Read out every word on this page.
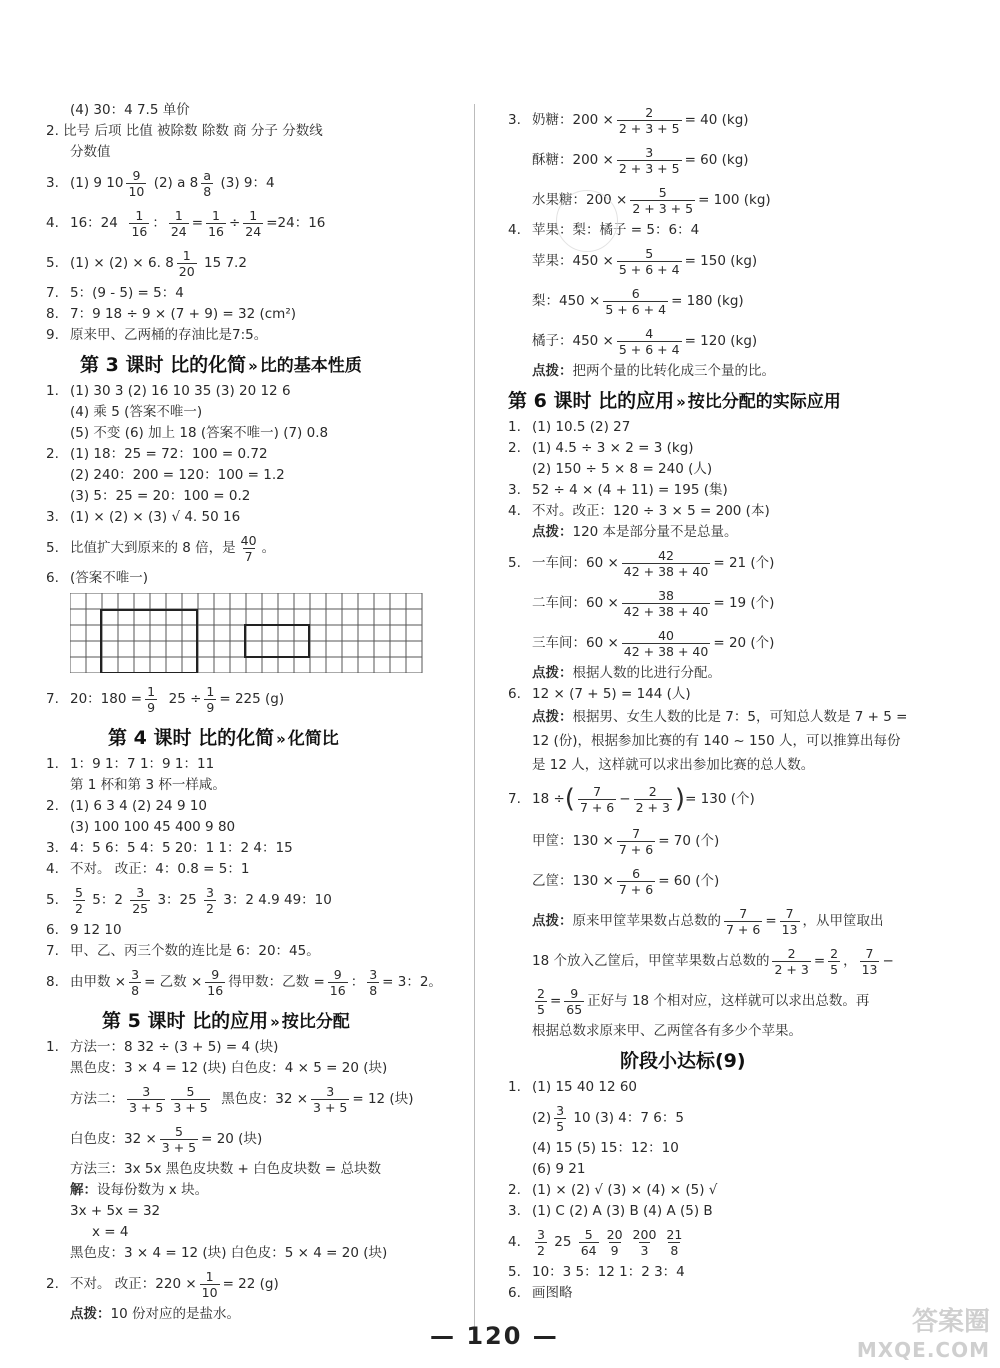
(4) 30：4 7.5 单价
2. 比号 后项 比值 被除数 除数 商 分子 分数线
分数值
3. (1) 9 $10 \frac{9}{10}$
(2) a $8 \frac{a}{8}$
(3) 9：4
4. 16：24
$\frac{1}{16}$ ： $\frac{1}{24} = \frac{1}{16} \div \frac{1}{24} =24$：16
5. (1) × (2) × 6. $8 \frac{1}{20}$
15 7.2
7. 5：(9 - 5) = 5：4
8. 7：9 18 ÷ 9 × (7 + 9) = 32 (cm²)
9. 原来甲、乙两桶的存油比是7:5。
第 3 课时 比的化简 » 比的基本性质
1. (1) 30 3 (2) 16 10 35 (3) 20 12 6
(4) 乘 5 (答案不唯一)
(5) 不变 (6) 加上 18 (答案不唯一) (7) 0.8
2. (1) 18：25 = 72：100 = 0.72
(2) 240：200 = 120：100 = 1.2
(3) 5：25 = 20：100 = 0.2
3. (1) × (2) × (3) √ 4. 50 16
5. 比值扩大到原来的 8 倍，是 $\frac{40}{7}$ 。
6. (答案不唯一)
7. 20：$180 = \frac{1}{9}$
$25 \div \frac{1}{9} = 225$ (g)
第 4 课时 比的化简 » 化简比
1. 1：9 1：7 1：9 1：11
第 1 杯和第 3 杯一样咸。
2. (1) 6 3 4 (2) 24 9 10
(3) 100 100 45 400 9 80
3. 4：5 6：5 4：5 20：1 1：2 4：15
4. 不对。 改正：4：0.8 = 5：1
5.	$\frac{5}{2}$
5：2
$\frac{3}{25}$
3：25
$\frac{3}{2}$
3：2 4.9 49：10
6. 9 12 10
7. 甲、乙、丙三个数的连比是 6：20：45。
8. 由甲数 × $\frac{3}{8}$ = 乙数 × $\frac{9}{16}$ 得甲数：乙数 = $\frac{9}{16}$ ： $\frac{3}{8} = 3$：2。
第 5 课时 比的应用 » 按比分配
1. 方法一：8 32 ÷ (3 + 5) = 4 (块)
黑色皮：3 × 4 = 12 (块) 白色皮：4 × 5 = 20 (块)
方法二： $\frac{3}{3 + 5} \frac{5}{3 + 5}$
黑色皮：$32 \times \frac{3}{3 + 5} = 12$ (块)
白色皮：$32 \times \frac{5}{3 + 5} = 20$ (块)
方法三：3x 5x 黑色皮块数 + 白色皮块数 = 总块数
解： 设每份数为 x 块。
3x + 5x = 32
x = 4
黑色皮：3 × 4 = 12 (块) 白色皮：5 × 4 = 20 (块)
2. 不对。 改正：$220 \times \frac{1}{10} = 22$ (g)
点拨： 10 份对应的是盐水。
3. 奶糖：$200 \times \frac{2}{2 + 3 + 5} = 40$ (kg)
酥糖：$200 \times \frac{3}{2 + 3 + 5} = 60$ (kg)
水果糖：$200 \times \frac{5}{2 + 3 + 5} = 100$ (kg)
4. 苹果：梨：橘子 = 5：6：4
苹果：$450 \times \frac{5}{5 + 6 + 4} = 150$ (kg)
梨：$450 \times \frac{6}{5 + 6 + 4} = 180$ (kg)
橘子：$450 \times \frac{4}{5 + 6 + 4} = 120$ (kg)
点拨： 把两个量的比转化成三个量的比。
第 6 课时 比的应用 » 按比分配的实际应用
1. (1) 10.5 (2) 27
2. (1) 4.5 ÷ 3 × 2 = 3 (kg)
(2) 150 ÷ 5 × 8 = 240 (人)
3. 52 ÷ 4 × (4 + 11) = 195 (集)
4. 不对。改正：120 ÷ 3 × 5 = 200 (本)
点拨： 120 本是部分量不是总量。
5. 一车间：$60 \times \frac{42}{42 + 38 + 40} = 21$ (个)
二车间：$60 \times \frac{38}{42 + 38 + 40} = 19$ (个)
三车间：$60 \times \frac{40}{42 + 38 + 40} = 20$ (个)
点拨： 根据人数的比进行分配。
6. 12 × (7 + 5) = 144 (人)
点拨：根据男、女生人数的比是 7：5，可知总人数是 7 + 5 = 12 (份)，根据参加比赛的有 140 ~ 150 人，可以推算出每份是 12 人，这样就可以求出参加比赛的总人数。
7. 18 ÷ ( $\frac{7}{7 + 6} - \frac{2}{2 + 3}$ ) = 130 (个)
甲筐：$130 \times \frac{7}{7 + 6} = 70$ (个)
乙筐：$130 \times \frac{6}{7 + 6} = 60$ (个)
点拨： 原来甲筐苹果数占总数的 $\frac{7}{7 + 6} = \frac{7}{13}$ ，从甲筐取出
18 个放入乙筐后，甲筐苹果数占总数的 $\frac{2}{2 + 3} = \frac{2}{5}$ ， $\frac{7}{13}$ −
$\frac{2}{5} = \frac{9}{65}$ 正好与 18 个相对应，这样就可以求出总数。再
根据总数求原来甲、乙两筐各有多少个苹果。
阶段小达标(9)
1. (1) 15 40 12 60
$(2) \frac{3}{5}$
10 (3) 4：7 6：5
(4) 15 (5) 15：12：10
(6) 9 21
2. (1) × (2) √ (3) × (4) × (5) √
3. (1) C (2) A (3) B (4) A (5) B
4.	$\frac{3}{2}$
25
$\frac{5}{64} \frac{20}{9} \frac{200}{3} \frac{21}{8}$
5. 10：3 5：12 1：2 3：4
6. 画图略
— 120 —	答案圈
MXQE.COM
